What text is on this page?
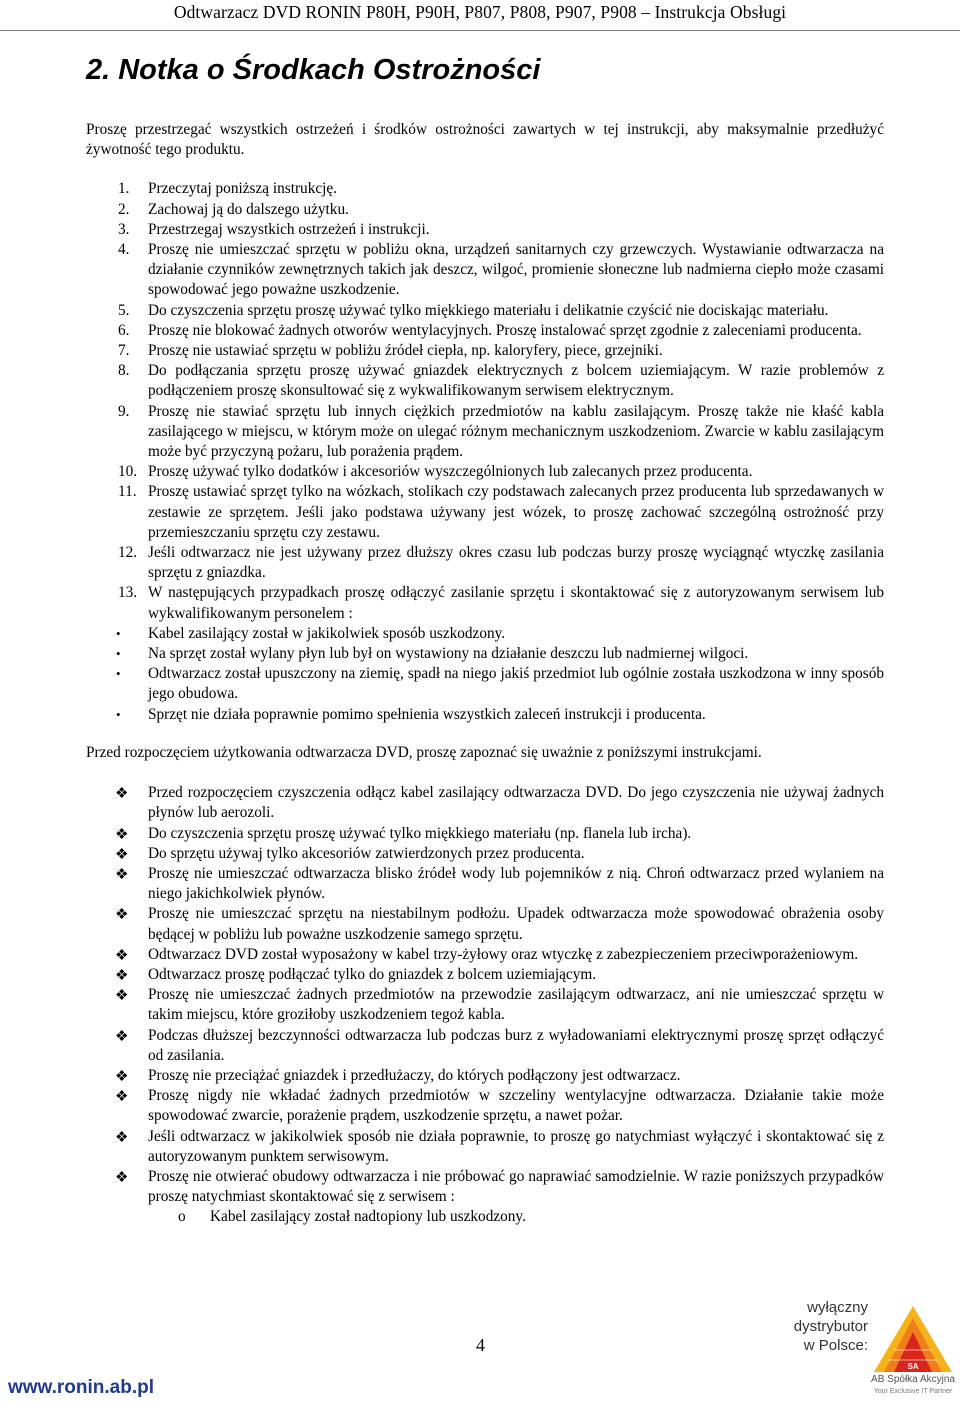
Odtwarzacz DVD RONIN P80H, P90H, P807, P808, P907, P908 – Instrukcja Obsługi
2. Notka o Środkach Ostrożności

Proszę przestrzegać wszystkich ostrzeżeń i środków ostrożności zawartych w tej instrukcji, aby maksymalnie przedłużyć żywotność tego produktu.

1.	Przeczytaj poniższą instrukcję.
2.	Zachowaj ją do dalszego użytku.
3.	Przestrzegaj wszystkich ostrzeżeń i instrukcji.
4.	Proszę nie umieszczać sprzętu w pobliżu okna, urządzeń sanitarnych czy grzewczych. Wystawianie odtwarzacza na działanie czynników zewnętrznych takich jak deszcz, wilgoć, promienie słoneczne lub nadmierna ciepło może czasami spowodować jego poważne uszkodzenie.
5.	Do czyszczenia sprzętu proszę używać tylko miękkiego materiału i delikatnie czyścić nie dociskając materiału.
6.	Proszę nie blokować żadnych otworów wentylacyjnych. Proszę instalować sprzęt zgodnie z zaleceniami producenta.
7.	Proszę nie ustawiać sprzętu w pobliżu źródeł ciepła, np. kaloryfery, piece, grzejniki.
8.	Do podłączania sprzętu proszę używać gniazdek elektrycznych z bolcem uziemiającym. W razie problemów z podłączeniem proszę skonsultować się z wykwalifikowanym serwisem elektrycznym.
9.	Proszę nie stawiać sprzętu lub innych ciężkich przedmiotów na kablu zasilającym. Proszę także nie kłaść kabla zasilającego w miejscu, w którym może on ulegać różnym mechanicznym uszkodzeniom. Zwarcie w kablu zasilającym może być przyczyną pożaru, lub porażenia prądem.
10. Proszę używać tylko dodatków i akcesoriów wyszczególnionych lub zalecanych przez producenta.
11. Proszę ustawiać sprzęt tylko na wózkach, stolikach czy podstawach zalecanych przez producenta lub sprzedawanych w zestawie ze sprzętem. Jeśli jako podstawa używany jest wózek, to proszę zachować szczególną ostrożność przy przemieszczaniu sprzętu czy zestawu.
12. Jeśli odtwarzacz nie jest używany przez dłuższy okres czasu lub podczas burzy proszę wyciągnąć wtyczkę zasilania sprzętu z gniazdka.
13. W następujących przypadkach proszę odłączyć zasilanie sprzętu i skontaktować się z autoryzowanym serwisem lub wykwalifikowanym personelem :
• Kabel zasilający został w jakikolwiek sposób uszkodzony.
• Na sprzęt został wylany płyn lub był on wystawiony na działanie deszczu lub nadmiernej wilgoci.
• Odtwarzacz został upuszczony na ziemię, spadł na niego jakiś przedmiot lub ogólnie została uszkodzona w inny sposób jego obudowa.
• Sprzęt nie działa poprawnie pomimo spełnienia wszystkich zaleceń instrukcji i producenta.

Przed rozpoczęciem użytkowania odtwarzacza DVD, proszę zapoznać się uważnie z poniższymi instrukcjami.

❖ Przed rozpoczęciem czyszczenia odłącz kabel zasilający odtwarzacza DVD. Do jego czyszczenia nie używaj żadnych płynów lub aerozoli.
❖ Do czyszczenia sprzętu proszę używać tylko miękkiego materiału (np. flanela lub ircha).
❖ Do sprzętu używaj tylko akcesoriów zatwierdzonych przez producenta.
❖ Proszę nie umieszczać odtwarzacza blisko źródeł wody lub pojemników z nią. Chroń odtwarzacz przed wylaniem na niego jakichkolwiek płynów.
❖ Proszę nie umieszczać sprzętu na niestabilnym podłożu. Upadek odtwarzacza może spowodować obrażenia osoby będącej w pobliżu lub poważne uszkodzenie samego sprzętu.
❖ Odtwarzacz DVD został wyposażony w kabel trzy-żyłowy oraz wtyczkę z zabezpieczeniem przeciwporażeniowym.
❖ Odtwarzacz proszę podłączać tylko do gniazdek z bolcem uziemiającym.
❖ Proszę nie umieszczać żadnych przedmiotów na przewodzie zasilającym odtwarzacz, ani nie umieszczać sprzętu w takim miejscu, które groziłoby uszkodzeniem tegoż kabla.
❖ Podczas dłuższej bezczynności odtwarzacza lub podczas burz z wyładowaniami elektrycznymi proszę sprzęt odłączyć od zasilania.
❖ Proszę nie przeciążać gniazdek i przedłużaczy, do których podłączony jest odtwarzacz.
❖ Proszę nigdy nie wkładać żadnych przedmiotów w szczeliny wentylacyjne odtwarzacza. Działanie takie może spowodować zwarcie, porażenie prądem, uszkodzenie sprzętu, a nawet pożar.
❖ Jeśli odtwarzacz w jakikolwiek sposób nie działa poprawnie, to proszę go natychmiast wyłączyć i skontaktować się z autoryzowanym punktem serwisowym.
❖ Proszę nie otwierać obudowy odtwarzacza i nie próbować go naprawiać samodzielnie. W razie poniższych przypadków proszę natychmiast skontaktować się z serwisem :
o Kabel zasilający został nadtopiony lub uszkodzony.
4
www.ronin.ab.pl
wyłączny
dystrybutor
w Polsce:
SA
AB Spółka Akcyjna
Your Exclusive IT Partner
